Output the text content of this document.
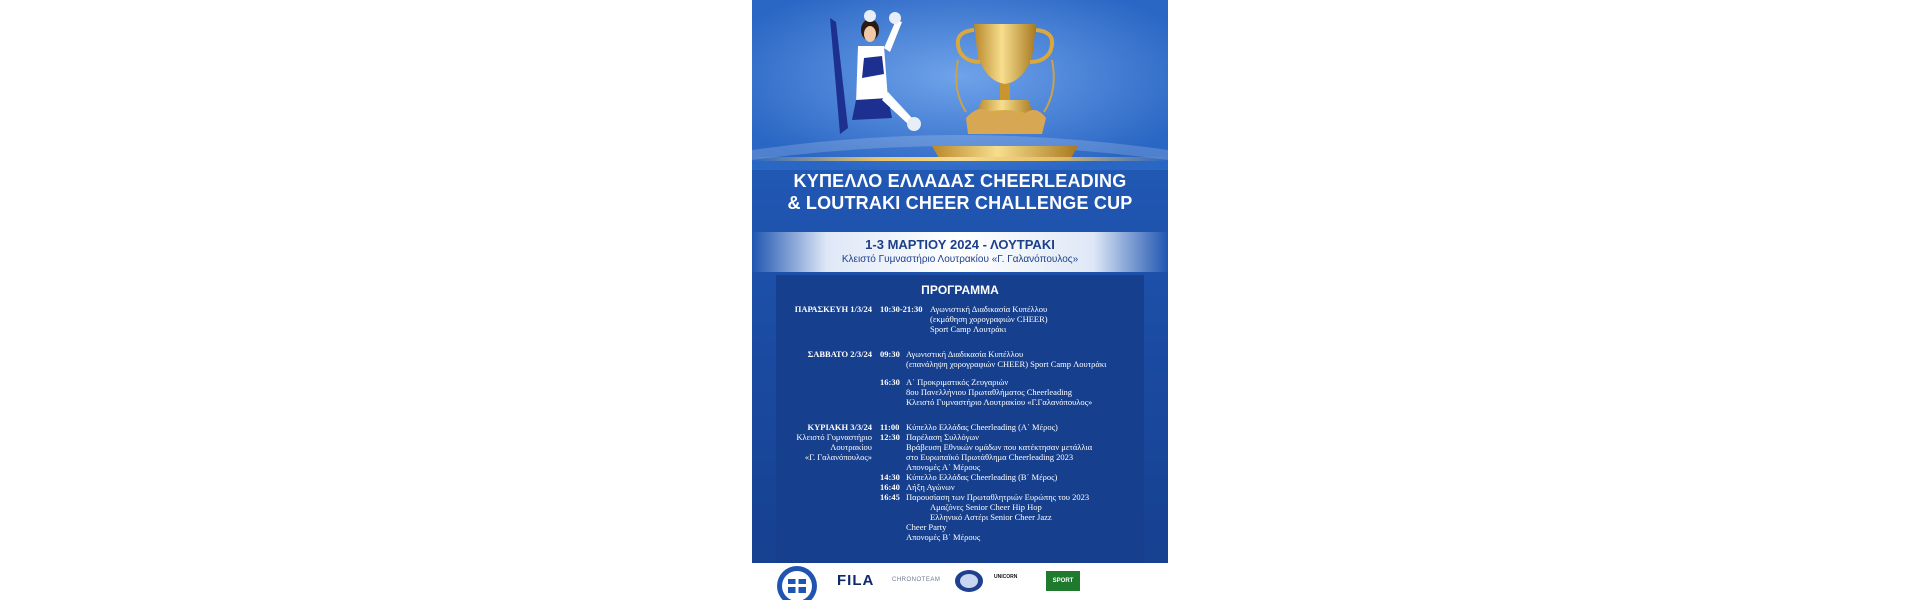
ΚΥΠΕΛΛΟ ΕΛΛΑΔΑΣ CHEERLEADING
& LOUTRAKI CHEER CHALLENGE CUP
1-3 ΜΑΡΤΙΟΥ 2024 - ΛΟΥΤΡΑΚΙ
Κλειστό Γυμναστήριο Λουτρακίου «Γ. Γαλανόπουλος»
ΠΡΟΓΡΑΜΜΑ
ΠΑΡΑΣΚΕΥΗ 1/3/24 10:30-21:30 Αγωνιστική Διαδικασία Κυπέλλου
(εκμάθηση χορογραφιών CHEER)
Sport Camp Λουτράκι
ΣΑΒΒΑΤΟ 2/3/24 09:30 Αγωνιστική Διαδικασία Κυπέλλου
(επανάληψη χορογραφιών CHEER) Sport Camp Λουτράκι
16:30 Α΄ Προκριματικός Ζευγαριών
8ου Πανελλήνιου Πρωταθλήματος Cheerleading
Κλειστό Γυμναστήριο Λουτρακίου «Γ.Γαλανόπουλος»
ΚΥΡΙΑΚΗ 3/3/24
Κλειστό Γυμναστήριο
Λουτρακίου
«Γ. Γαλανόπουλος»
11:00 Κύπελλο Ελλάδας Cheerleading (Α΄ Μέρος)
12:30 Παρέλαση Συλλόγων
Βράβευση Εθνικών ομάδων που κατέκτησαν μετάλλια
στο Ευρωπαϊκό Πρωτάθλημα Cheerleading 2023
Απονομές Α΄ Μέρους
14:30 Κύπελλο Ελλάδας Cheerleading (Β΄ Μέρος)
16:40 Λήξη Αγώνων
16:45 Παρουσίαση των Πρωταθλητριών Ευρώπης του 2023
Αμαζόνες Senior Cheer Hip Hop
Ελληνικό Αστέρι Senior Cheer Jazz
Cheer Party
Απονομές Β΄ Μέρους
FILA	CHRONOTEAM	UNICORN
SPORT
